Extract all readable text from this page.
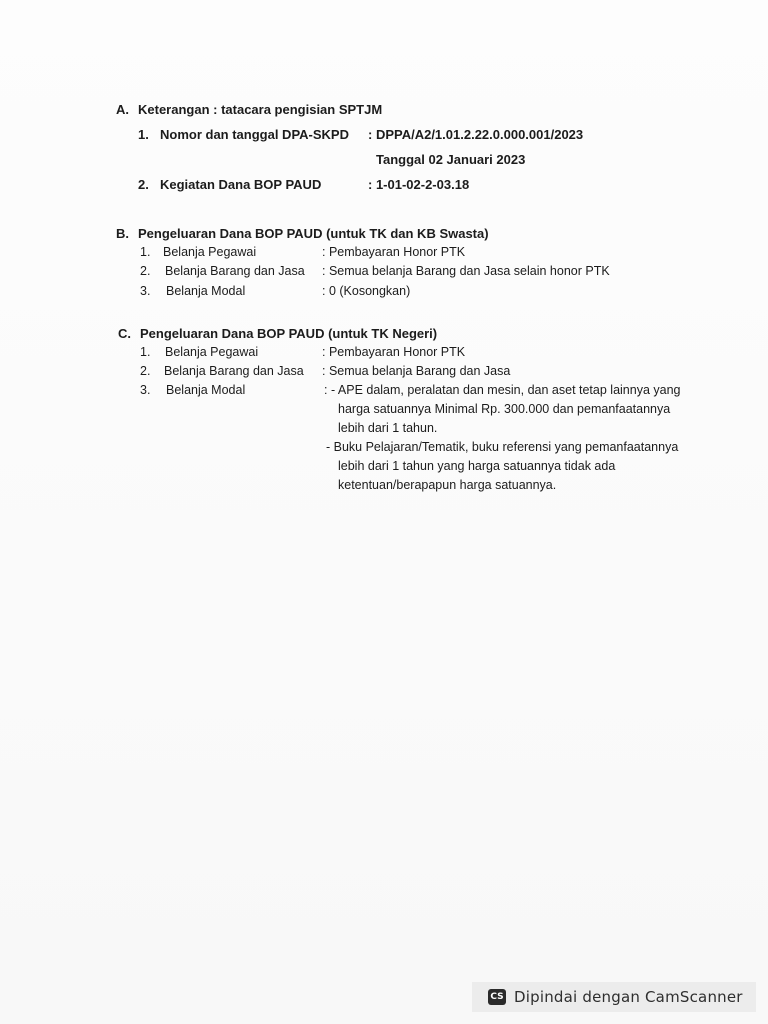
A. Keterangan : tatacara pengisian SPTJM
1. Nomor dan tanggal DPA-SKPD : DPPA/A2/1.01.2.22.0.000.001/2023
Tanggal 02 Januari 2023
2. Kegiatan Dana BOP PAUD	: 1-01-02-2-03.18
B. Pengeluaran Dana BOP PAUD (untuk TK dan KB Swasta)
1. Belanja Pegawai	: Pembayaran Honor PTK
2. Belanja Barang dan Jasa : Semua belanja Barang dan Jasa selain honor PTK
3. Belanja Modal	: 0 (Kosongkan)
C. Pengeluaran Dana BOP PAUD (untuk TK Negeri)
1. Belanja Pegawai	: Pembayaran Honor PTK
2. Belanja Barang dan Jasa : Semua belanja Barang dan Jasa
3. Belanja Modal	: - APE dalam, peralatan dan mesin, dan aset tetap lainnya yang
harga satuannya Minimal Rp. 300.000 dan pemanfaatannya
lebih dari 1 tahun.
- Buku Pelajaran/Tematik, buku referensi yang pemanfaatannya
lebih dari 1 tahun yang harga satuannya tidak ada
ketentuan/berapapun harga satuannya.
CS Dipindai dengan CamScanner
